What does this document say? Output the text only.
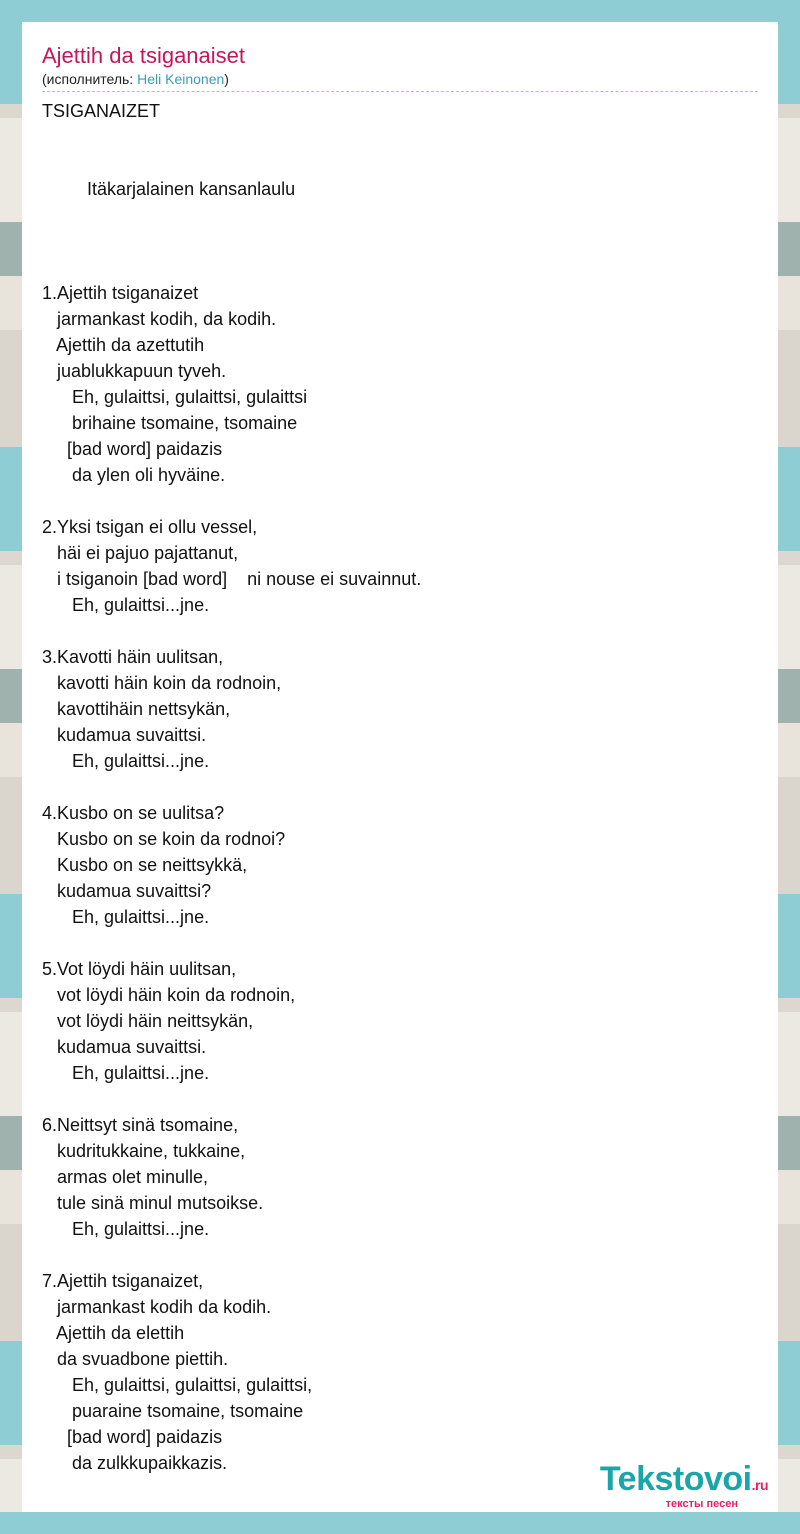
Ajettih da tsiganaiset
(исполнитель: Heli Keinonen)
TSIGANAIZET

Itäkarjalainen kansanlaulu

1.Ajettih tsiganaizet
jarmankast kodih, da kodih.
Ajettih da azettutih
juablukkapuun tyveh.
Eh, gulaittsi, gulaittsi, gulaittsi
brihaine tsomaine, tsomaine
[bad word] paidazis
da ylen oli hyväine.

2.Yksi tsigan ei ollu vessel,
häi ei pajuo pajattanut,
i tsiganoin [bad word]    ni nouse ei suvainnut.
Eh, gulaittsi...jne.

3.Kavotti häin uulitsan,
kavotti häin koin da rodnoin,
kavottihäin nettsykän,
kudamua suvaittsi.
Eh, gulaittsi...jne.

4.Kusbo on se uulitsa?
Kusbo on se koin da rodnoi?
Kusbo on se neittsykkä,
kudamua suvaittsi?
Eh, gulaittsi...jne.

5.Vot löydi häin uulitsan,
vot löydi häin koin da rodnoin,
vot löydi häin neittsykän,
kudamua suvaittsi.
Eh, gulaittsi...jne.

6.Neittsyt sinä tsomaine,
kudritukkaine, tukkaine,
armas olet minulle,
tule sinä minul mutsoikse.
Eh, gulaittsi...jne.

7.Ajettih tsiganaizet,
jarmankast kodih da kodih.
Ajettih da elettih
da svuadbone piettih.
Eh, gulaittsi, gulaittsi, gulaittsi,
puaraine tsomaine, tsomaine
[bad word] paidazis
da zulkkupaikkazis.	Tekstovoi.ru
тексты песен
